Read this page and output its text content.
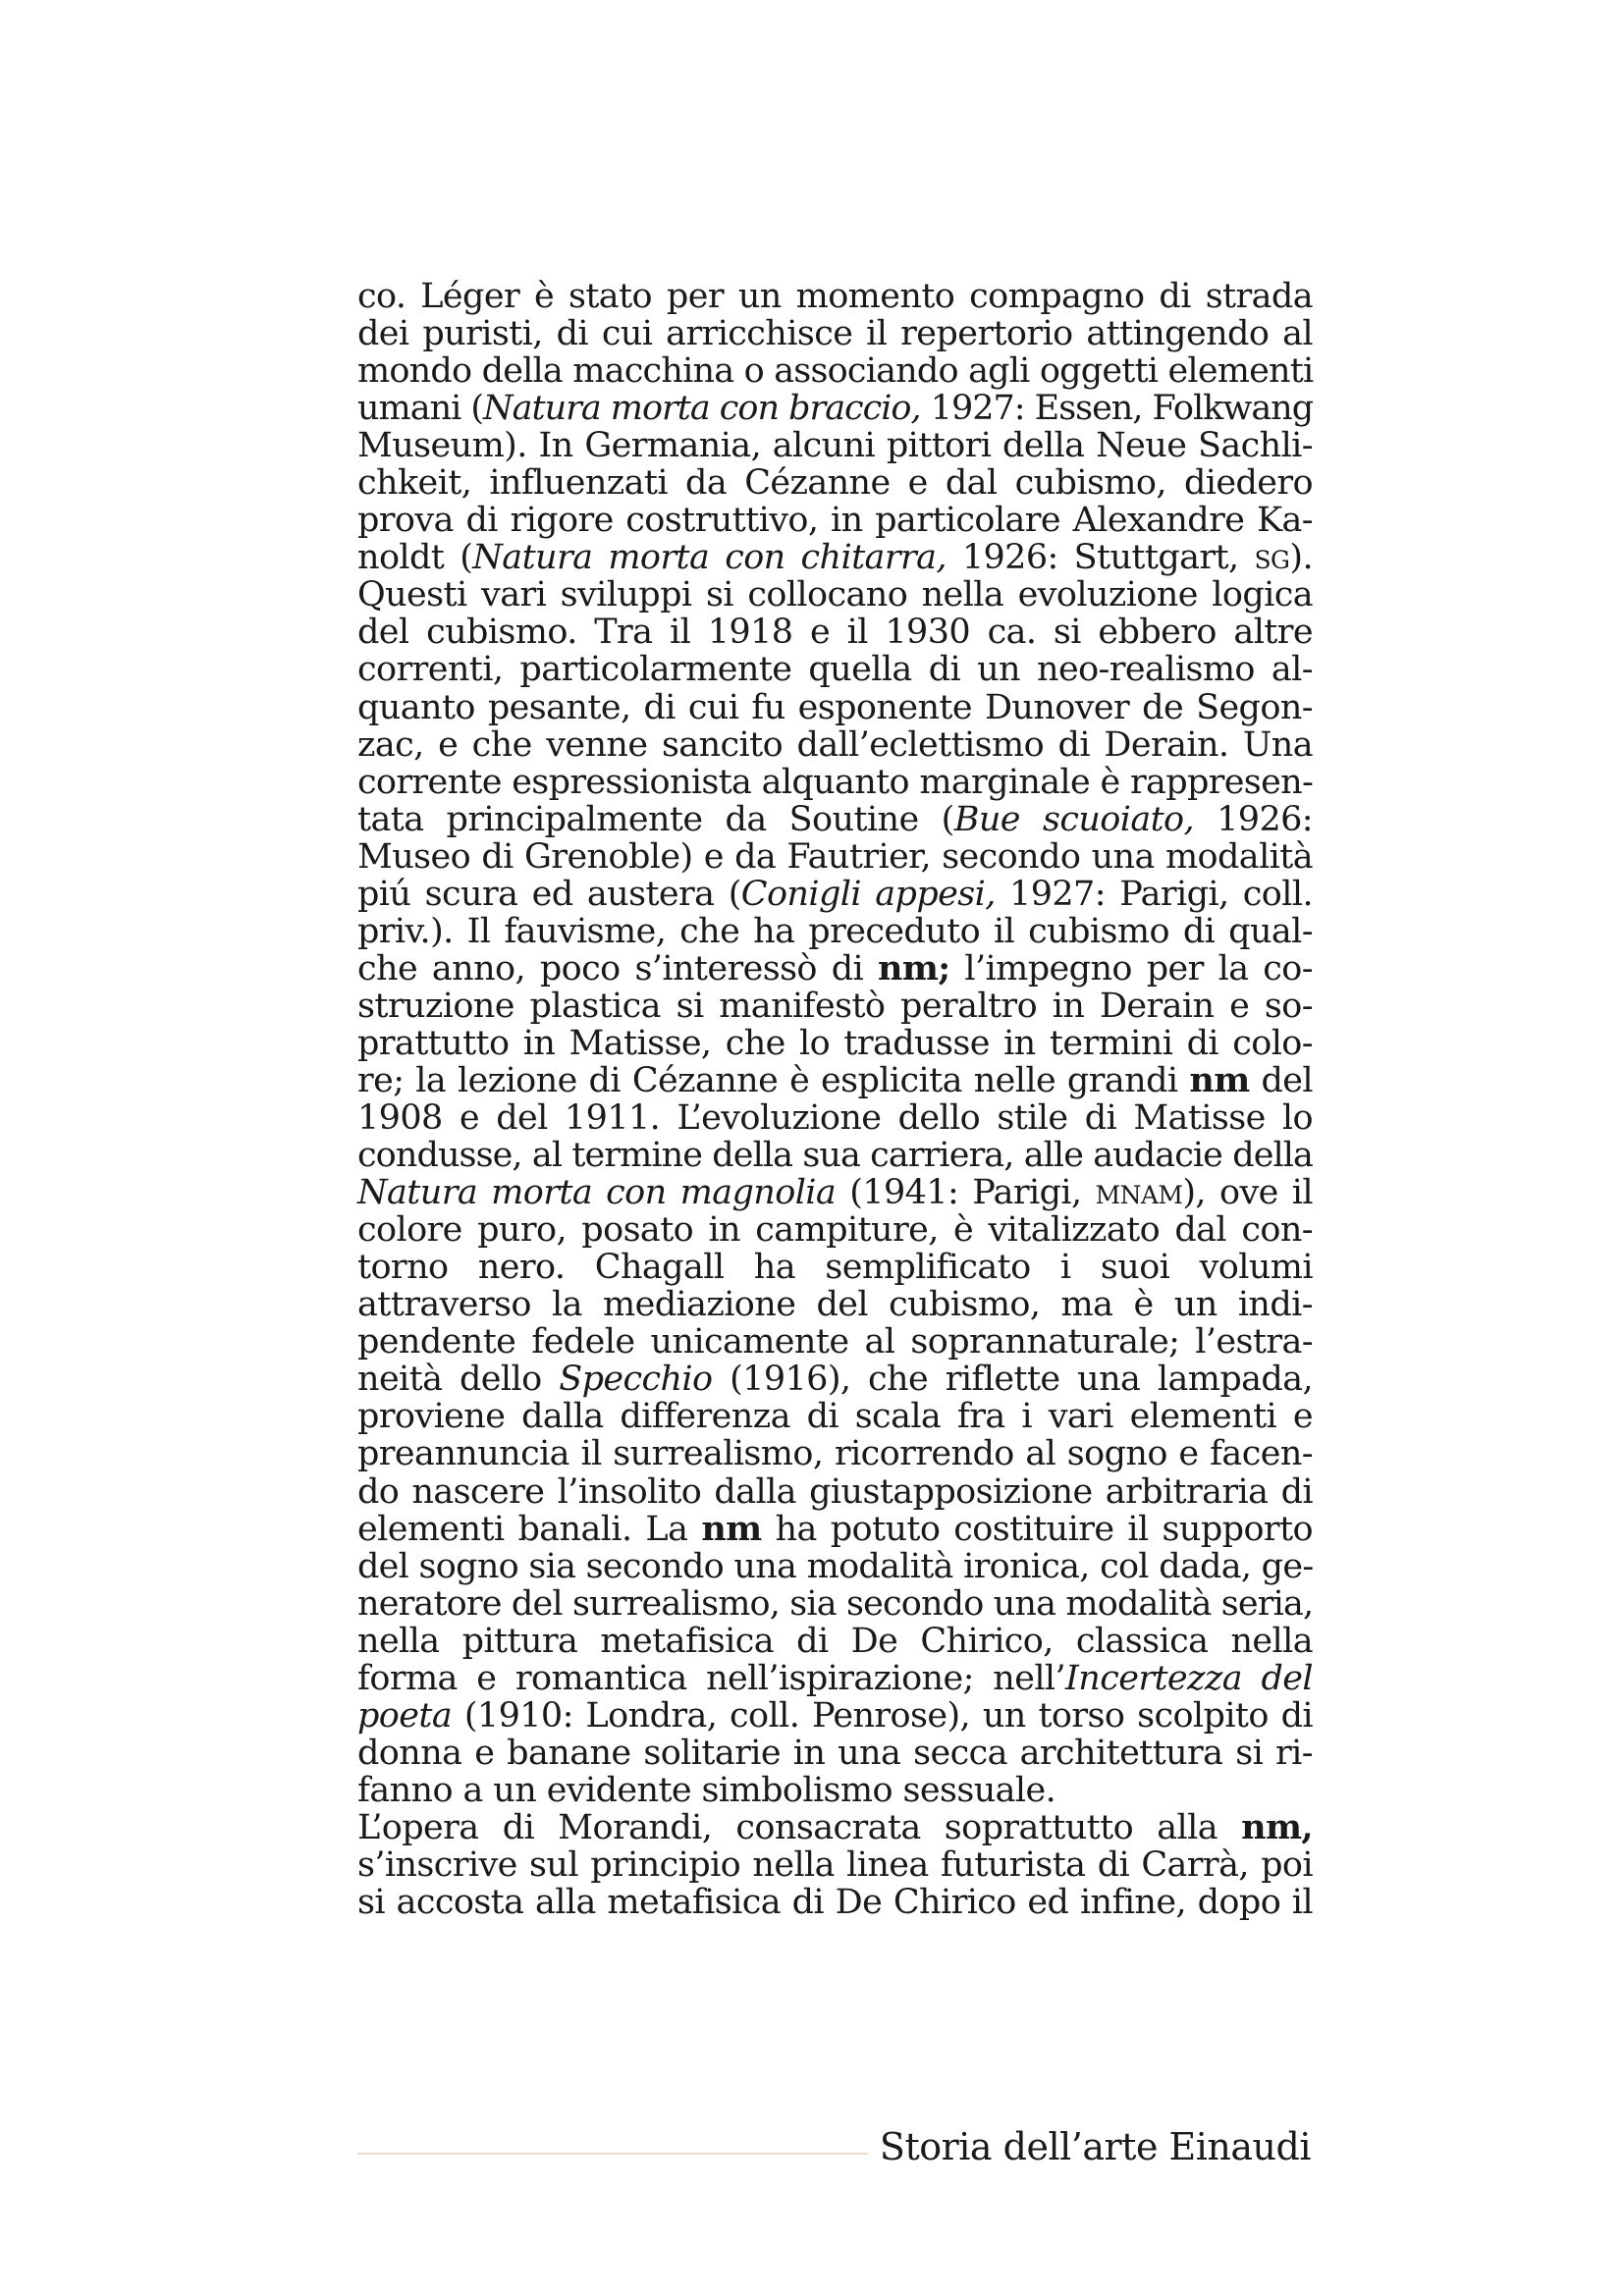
co. Léger è stato per un momento compagno di strada
dei puristi, di cui arricchisce il repertorio attingendo al
mondo della macchina o associando agli oggetti elementi
umani (Natura morta con braccio, 1927: Essen, Folkwang
Museum). In Germania, alcuni pittori della Neue Sachli-
chkeit, influenzati da Cézanne e dal cubismo, diedero
prova di rigore costruttivo, in particolare Alexandre Ka-
noldt (Natura morta con chitarra, 1926: Stuttgart, sg).
Questi vari sviluppi si collocano nella evoluzione logica
del cubismo. Tra il 1918 e il 1930 ca. si ebbero altre
correnti, particolarmente quella di un neo-realismo al-
quanto pesante, di cui fu esponente Dunover de Segon-
zac, e che venne sancito dall’eclettismo di Derain. Una
corrente espressionista alquanto marginale è rappresen-
tata principalmente da Soutine (Bue scuoiato, 1926:
Museo di Grenoble) e da Fautrier, secondo una modalità
piú scura ed austera (Conigli appesi, 1927: Parigi, coll.
priv.). Il fauvisme, che ha preceduto il cubismo di qual-
che anno, poco s’interessò di nm; l’impegno per la co-
struzione plastica si manifestò peraltro in Derain e so-
prattutto in Matisse, che lo tradusse in termini di colo-
re; la lezione di Cézanne è esplicita nelle grandi nm del
1908 e del 1911. L’evoluzione dello stile di Matisse lo
condusse, al termine della sua carriera, alle audacie della
Natura morta con magnolia (1941: Parigi, mnam), ove il
colore puro, posato in campiture, è vitalizzato dal con-
torno nero. Chagall ha semplificato i suoi volumi
attraverso la mediazione del cubismo, ma è un indi-
pendente fedele unicamente al soprannaturale; l’estra-
neità dello Specchio (1916), che riflette una lampada,
proviene dalla differenza di scala fra i vari elementi e
preannuncia il surrealismo, ricorrendo al sogno e facen-
do nascere l’insolito dalla giustapposizione arbitraria di
elementi banali. La nm ha potuto costituire il supporto
del sogno sia secondo una modalità ironica, col dada, ge-
neratore del surrealismo, sia secondo una modalità seria,
nella pittura metafisica di De Chirico, classica nella
forma e romantica nell’ispirazione; nell’Incertezza del
poeta (1910: Londra, coll. Penrose), un torso scolpito di
donna e banane solitarie in una secca architettura si ri-
fanno a un evidente simbolismo sessuale.
L’opera di Morandi, consacrata soprattutto alla nm,
s’inscrive sul principio nella linea futurista di Carrà, poi
si accosta alla metafisica di De Chirico ed infine, dopo il
Storia dell’arte Einaudi
